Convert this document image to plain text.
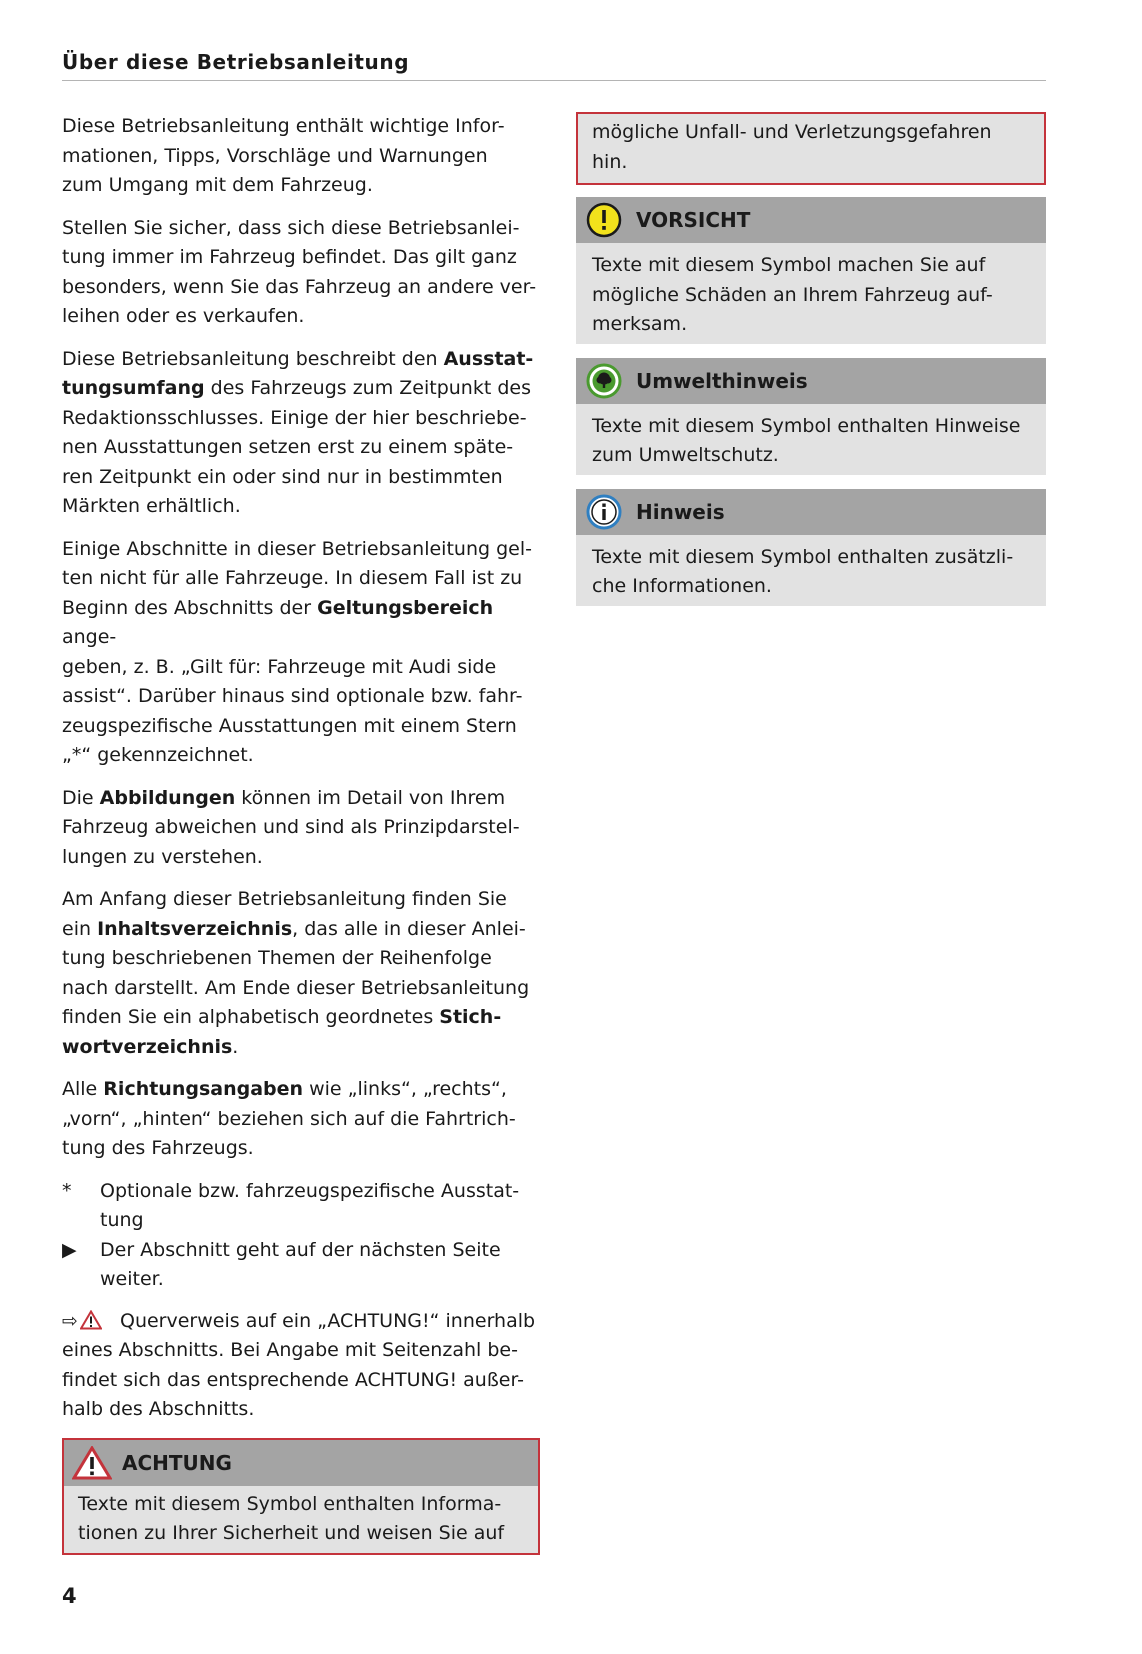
Über diese Betriebsanleitung

Diese Betriebsanleitung enthält wichtige Infor-
mationen, Tipps, Vorschläge und Warnungen
zum Umgang mit dem Fahrzeug.

Stellen Sie sicher, dass sich diese Betriebsanlei-
tung immer im Fahrzeug befindet. Das gilt ganz
besonders, wenn Sie das Fahrzeug an andere ver-
leihen oder es verkaufen.

Diese Betriebsanleitung beschreibt den Ausstat-
tungsumfang des Fahrzeugs zum Zeitpunkt des
Redaktionsschlusses. Einige der hier beschriebe-
nen Ausstattungen setzen erst zu einem späte-
ren Zeitpunkt ein oder sind nur in bestimmten
Märkten erhältlich.

Einige Abschnitte in dieser Betriebsanleitung gel-
ten nicht für alle Fahrzeuge. In diesem Fall ist zu
Beginn des Abschnitts der Geltungsbereich ange-
geben, z. B. „Gilt für: Fahrzeuge mit Audi side
assist“. Darüber hinaus sind optionale bzw. fahr-
zeugspezifische Ausstattungen mit einem Stern
„*“ gekennzeichnet.

Die Abbildungen können im Detail von Ihrem
Fahrzeug abweichen und sind als Prinzipdarstel-
lungen zu verstehen.

Am Anfang dieser Betriebsanleitung finden Sie
ein Inhaltsverzeichnis, das alle in dieser Anlei-
tung beschriebenen Themen der Reihenfolge
nach darstellt. Am Ende dieser Betriebsanleitung
finden Sie ein alphabetisch geordnetes Stich-
wortverzeichnis.

Alle Richtungsangaben wie „links“, „rechts“,
„vorn“, „hinten“ beziehen sich auf die Fahrtrich-
tung des Fahrzeugs.

*	Optionale bzw. fahrzeugspezifische Ausstat-
tung
▶	Der Abschnitt geht auf der nächsten Seite
weiter.

⇨ Querverweis auf ein „ACHTUNG!“ innerhalb
eines Abschnitts. Bei Angabe mit Seitenzahl be-
findet sich das entsprechende ACHTUNG! außer-
halb des Abschnitts.

ACHTUNG

Texte mit diesem Symbol enthalten Informa-
tionen zu Ihrer Sicherheit und weisen Sie auf

mögliche Unfall- und Verletzungsgefahren
hin.

VORSICHT

Texte mit diesem Symbol machen Sie auf
mögliche Schäden an Ihrem Fahrzeug auf-
merksam.

Umwelthinweis

Texte mit diesem Symbol enthalten Hinweise
zum Umweltschutz.

Hinweis

Texte mit diesem Symbol enthalten zusätzli-
che Informationen.

4
